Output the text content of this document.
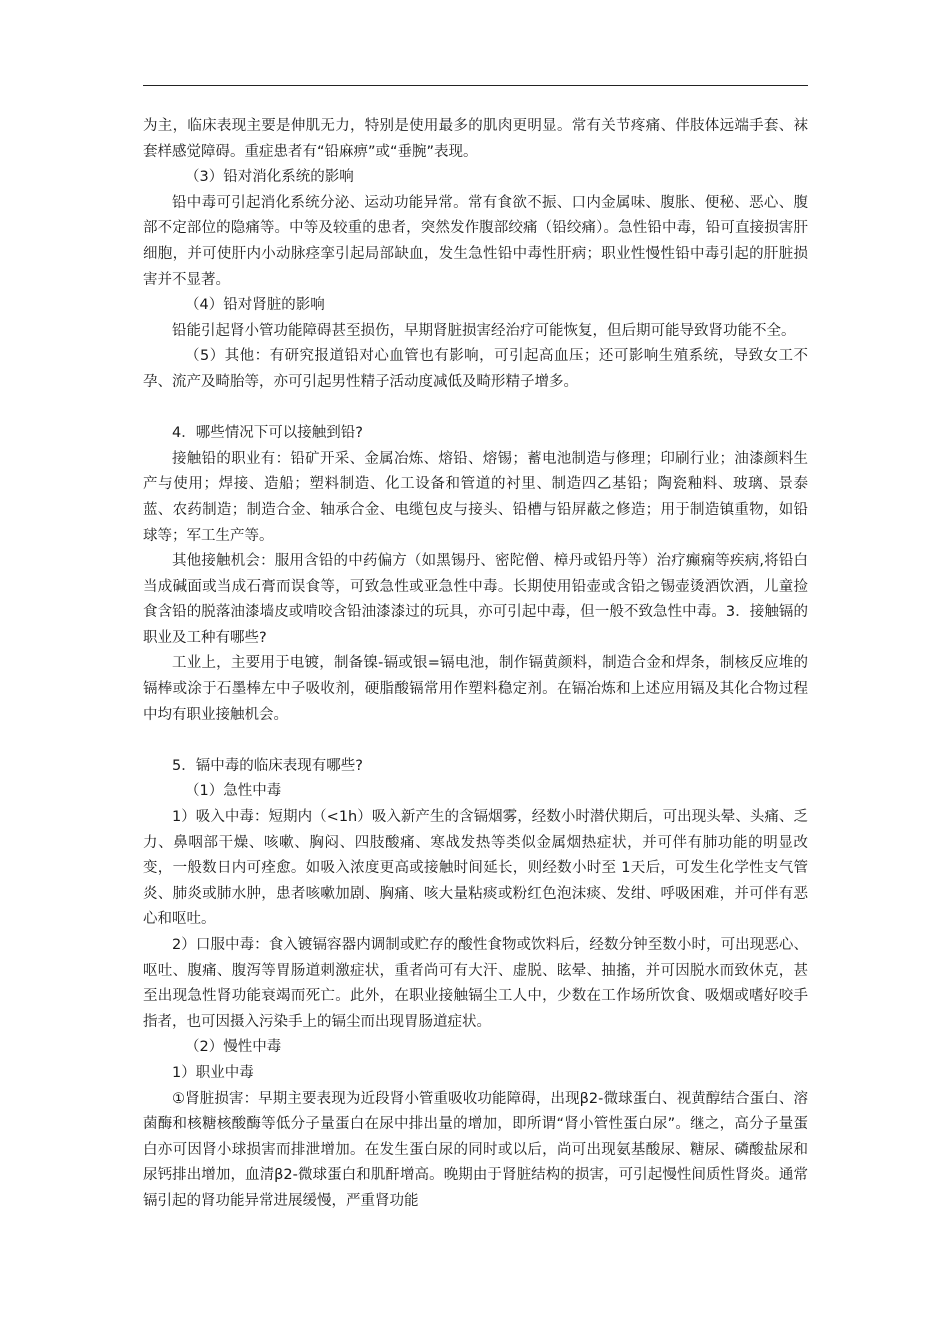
为主，临床表现主要是伸肌无力，特别是使用最多的肌肉更明显。常有关节疼痛、伴肢体远端手套、袜套样感觉障碍。重症患者有“铅麻痹”或“垂腕”表现。

（3）铅对消化系统的影响

铅中毒可引起消化系统分泌、运动功能异常。常有食欲不振、口内金属味、腹胀、便秘、恶心、腹部不定部位的隐痛等。中等及较重的患者，突然发作腹部绞痛（铅绞痛）。急性铅中毒，铅可直接损害肝细胞，并可使肝内小动脉痉挛引起局部缺血，发生急性铅中毒性肝病；职业性慢性铅中毒引起的肝脏损害并不显著。

（4）铅对肾脏的影响

铅能引起肾小管功能障碍甚至损伤，早期肾脏损害经治疗可能恢复，但后期可能导致肾功能不全。

（5）其他：有研究报道铅对心血管也有影响，可引起高血压；还可影响生殖系统，导致女工不孕、流产及畸胎等，亦可引起男性精子活动度减低及畸形精子增多。

4．哪些情况下可以接触到铅?

接触铅的职业有：铅矿开采、金属冶炼、熔铅、熔锡；蓄电池制造与修理；印刷行业；油漆颜料生产与使用；焊接、造船；塑料制造、化工设备和管道的衬里、制造四乙基铅；陶瓷釉料、玻璃、景泰蓝、农药制造；制造合金、轴承合金、电缆包皮与接头、铅槽与铅屏蔽之修造；用于制造镇重物，如铅球等；军工生产等。

其他接触机会：服用含铅的中药偏方（如黑锡丹、密陀僧、樟丹或铅丹等）治疗癫痫等疾病,将铅白当成碱面或当成石膏而误食等，可致急性或亚急性中毒。长期使用铅壶或含铅之锡壶烫酒饮酒，儿童捡食含铅的脱落油漆墙皮或啃咬含铅油漆漆过的玩具，亦可引起中毒，但一般不致急性中毒。3．接触镉的职业及工种有哪些?

工业上，主要用于电镀，制备镍-镉或银=镉电池，制作镉黄颜料，制造合金和焊条，制核反应堆的镉棒或涂于石墨棒左中子吸收剂，硬脂酸镉常用作塑料稳定剂。在镉冶炼和上述应用镉及其化合物过程中均有职业接触机会。

5．镉中毒的临床表现有哪些?

（1）急性中毒

1）吸入中毒：短期内（<1h）吸入新产生的含镉烟雾，经数小时潜伏期后，可出现头晕、头痛、乏力、鼻咽部干燥、咳嗽、胸闷、四肢酸痛、寒战发热等类似金属烟热症状，并可伴有肺功能的明显改变，一般数日内可痊愈。如吸入浓度更高或接触时间延长，则经数小时至 1天后，可发生化学性支气管炎、肺炎或肺水肿，患者咳嗽加剧、胸痛、咳大量粘痰或粉红色泡沫痰、发绀、呼吸困难，并可伴有恶心和呕吐。

2）口服中毒：食入镀镉容器内调制或贮存的酸性食物或饮料后，经数分钟至数小时，可出现恶心、呕吐、腹痛、腹泻等胃肠道刺激症状，重者尚可有大汗、虚脱、眩晕、抽搐，并可因脱水而致休克，甚至出现急性肾功能衰竭而死亡。此外，在职业接触镉尘工人中，少数在工作场所饮食、吸烟或嗜好咬手指者，也可因摄入污染手上的镉尘而出现胃肠道症状。

（2）慢性中毒

1）职业中毒

①肾脏损害：早期主要表现为近段肾小管重吸收功能障碍，出现β2-微球蛋白、视黄醇结合蛋白、溶菌酶和核糖核酸酶等低分子量蛋白在尿中排出量的增加，即所谓“肾小管性蛋白尿”。继之，高分子量蛋白亦可因肾小球损害而排泄增加。在发生蛋白尿的同时或以后，尚可出现氨基酸尿、糖尿、磷酸盐尿和尿钙排出增加，血清β2-微球蛋白和肌酐增高。晚期由于肾脏结构的损害，可引起慢性间质性肾炎。通常镉引起的肾功能异常进展缓慢，严重肾功能
